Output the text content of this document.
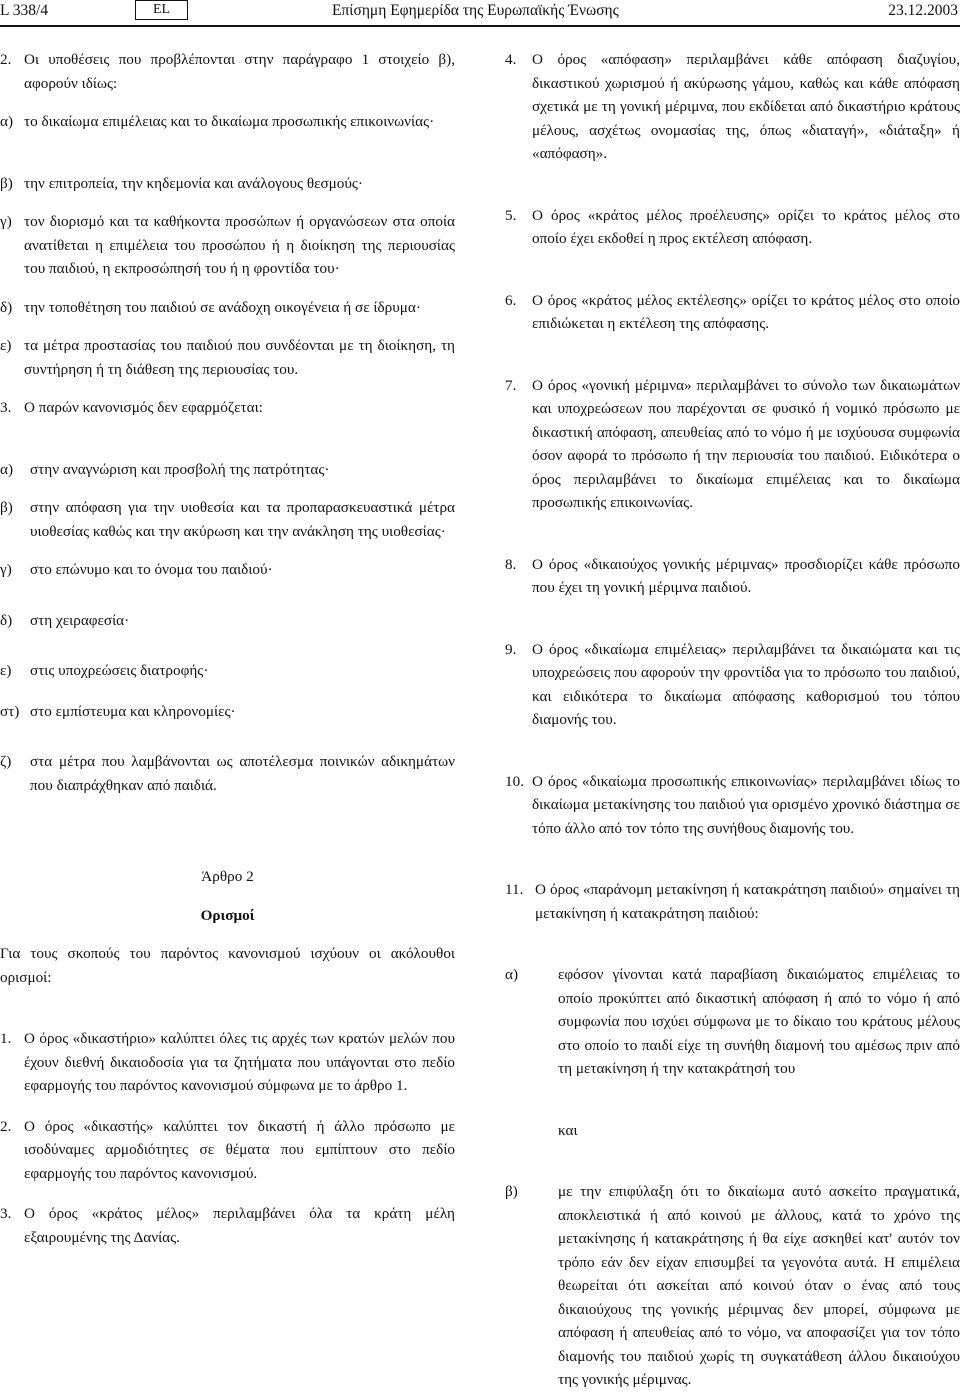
L 338/4	EL	Επίσημη Εφημερίδα της Ευρωπαϊκής Ένωσης	23.12.2003
2. Οι υποθέσεις που προβλέπονται στην παράγραφο 1 στοιχείο β), αφορούν ιδίως:
α) το δικαίωμα επιμέλειας και το δικαίωμα προσωπικής επικοινωνίας·
β) την επιτροπεία, την κηδεμονία και ανάλογους θεσμούς·
γ) τον διορισμό και τα καθήκοντα προσώπων ή οργανώσεων στα οποία ανατίθεται η επιμέλεια του προσώπου ή η διοίκηση της περιουσίας του παιδιού, η εκπροσώπησή του ή η φροντίδα του·
δ) την τοποθέτηση του παιδιού σε ανάδοχη οικογένεια ή σε ίδρυμα·
ε) τα μέτρα προστασίας του παιδιού που συνδέονται με τη διοίκηση, τη συντήρηση ή τη διάθεση της περιουσίας του.
3. Ο παρών κανονισμός δεν εφαρμόζεται:
α)	στην αναγνώριση και προσβολή της πατρότητας·
β)	στην απόφαση για την υιοθεσία και τα προπαρασκευαστικά μέτρα υιοθεσίας καθώς και την ακύρωση και την ανάκληση της υιοθεσίας·
γ)	στο επώνυμο και το όνομα του παιδιού·
δ)	στη χειραφεσία·
ε)	στις υποχρεώσεις διατροφής·
στ) στο εμπίστευμα και κληρονομίες·
ζ)	στα μέτρα που λαμβάνονται ως αποτέλεσμα ποινικών αδικημάτων που διαπράχθηκαν από παιδιά.
Άρθρο 2
Ορισμοί
Για τους σκοπούς του παρόντος κανονισμού ισχύουν οι ακόλουθοι ορισμοί:
1. Ο όρος «δικαστήριο» καλύπτει όλες τις αρχές των κρατών μελών που έχουν διεθνή δικαιοδοσία για τα ζητήματα που υπάγονται στο πεδίο εφαρμογής του παρόντος κανονισμού σύμφωνα με το άρθρο 1.
2. Ο όρος «δικαστής» καλύπτει τον δικαστή ή άλλο πρόσωπο με ισοδύναμες αρμοδιότητες σε θέματα που εμπίπτουν στο πεδίο εφαρμογής του παρόντος κανονισμού.
3. Ο όρος «κράτος μέλος» περιλαμβάνει όλα τα κράτη μέλη εξαιρουμένης της Δανίας.
4.	Ο όρος «απόφαση» περιλαμβάνει κάθε απόφαση διαζυγίου, δικαστικού χωρισμού ή ακύρωσης γάμου, καθώς και κάθε απόφαση σχετικά με τη γονική μέριμνα, που εκδίδεται από δικαστήριο κράτους μέλους, ασχέτως ονομασίας της, όπως «διαταγή», «διάταξη» ή «απόφαση».
5.	Ο όρος «κράτος μέλος προέλευσης» ορίζει το κράτος μέλος στο οποίο έχει εκδοθεί η προς εκτέλεση απόφαση.
6.	Ο όρος «κράτος μέλος εκτέλεσης» ορίζει το κράτος μέλος στο οποίο επιδιώκεται η εκτέλεση της απόφασης.
7.	Ο όρος «γονική μέριμνα» περιλαμβάνει το σύνολο των δικαιωμάτων και υποχρεώσεων που παρέχονται σε φυσικό ή νομικό πρόσωπο με δικαστική απόφαση, απευθείας από το νόμο ή με ισχύουσα συμφωνία όσον αφορά το πρόσωπο ή την περιουσία του παιδιού. Ειδικότερα ο όρος περιλαμβάνει το δικαίωμα επιμέλειας και το δικαίωμα προσωπικής επικοινωνίας.
8.	Ο όρος «δικαιούχος γονικής μέριμνας» προσδιορίζει κάθε πρόσωπο που έχει τη γονική μέριμνα παιδιού.
9.	Ο όρος «δικαίωμα επιμέλειας» περιλαμβάνει τα δικαιώματα και τις υποχρεώσεις που αφορούν την φροντίδα για το πρόσωπο του παιδιού, και ειδικότερα το δικαίωμα απόφασης καθορισμού του τόπου διαμονής του.
10. Ο όρος «δικαίωμα προσωπικής επικοινωνίας» περιλαμβάνει ιδίως το δικαίωμα μετακίνησης του παιδιού για ορισμένο χρονικό διάστημα σε τόπο άλλο από τον τόπο της συνήθους διαμονής του.
11. Ο όρος «παράνομη μετακίνηση ή κατακράτηση παιδιού» σημαίνει τη μετακίνηση ή κατακράτηση παιδιού:
α)	εφόσον γίνονται κατά παραβίαση δικαιώματος επιμέλειας το οποίο προκύπτει από δικαστική απόφαση ή από το νόμο ή από συμφωνία που ισχύει σύμφωνα με το δίκαιο του κράτους μέλους στο οποίο το παιδί είχε τη συνήθη διαμονή του αμέσως πριν από τη μετακίνηση ή την κατακράτησή του
και
β)	με την επιφύλαξη ότι το δικαίωμα αυτό ασκείτο πραγματικά, αποκλειστικά ή από κοινού με άλλους, κατά το χρόνο της μετακίνησης ή κατακράτησης ή θα είχε ασκηθεί κατ' αυτόν τον τρόπο εάν δεν είχαν επισυμβεί τα γεγονότα αυτά. Η επιμέλεια θεωρείται ότι ασκείται από κοινού όταν ο ένας από τους δικαιούχους της γονικής μέριμνας δεν μπορεί, σύμφωνα με απόφαση ή απευθείας από το νόμο, να αποφασίζει για τον τόπο διαμονής του παιδιού χωρίς τη συγκατάθεση άλλου δικαιούχου της γονικής μέριμνας.
